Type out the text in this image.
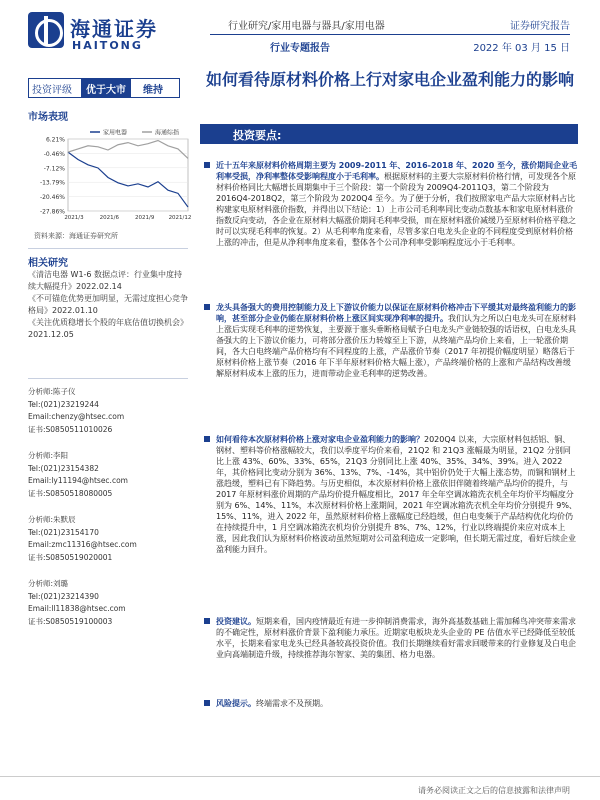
海通证券
HAITONG
行业研究/家用电器与器具/家用电器	证券研究报告
行业专题报告	2022 年 03 月 15 日
投资评级	优于大市	维持
如何看待原材料价格上行对家电企业盈利能力的影响
市场表现
6.21%
-0.46%
-7.12%
-13.79%
-20.46%
-27.86%
2021/3	2021/6	2021/9	2021/12
家用电器	海通综指
资料来源：海通证券研究所
相关研究
《清洁电器 W1-6 数据点评：行业集中度持续大幅提升》2022.02.14
《不可锚危优势更加明显，无需过度担心竞争格局》2022.01.10
《关注优质稳增长个股的年底估值切换机会》2021.12.05
分析师:陈子仪
Tel:(021)23219244
Email:chenzy@htsec.com
证书:S0850511010026
分析师:李阳
Tel:(021)23154382
Email:ly11194@htsec.com
证书:S0850518080005
分析师:朱默辰
Tel:(021)23154170
Email:zmc11316@htsec.com
证书:S0850519020001
分析师:刘璐
Tel:(021)23214390
Email:ll11838@htsec.com
证书:S0850519100003
投资要点:
近十五年来原材料价格周期主要为 2009-2011 年、2016-2018 年、2020 至今，涨价期间企业毛利率受损，净利率整体受影响程度小于毛利率。根据原材料的主要大宗原材料价格行情，可发现各个原材料价格同比大幅增长周期集中于三个阶段：第一个阶段为 2009Q4-2011Q3，第二个阶段为 2016Q4-2018Q2，第三个阶段为 2020Q4 至今。为了便于分析，我们按照家电产品大宗原材料占比构建家电原材料涨价指数，并得出以下结论：1）上市公司毛利率同比变动点数基本和家电原材料涨价指数反向变动，各企业在原材料大幅涨价期间毛利率受损，而在原材料涨价减缓乃至原材料价格平稳之时可以实现毛利率的恢复。2）从毛利率角度来看，尽管多家白电龙头企业的不同程度受到原材料价格上涨的冲击，但是从净利率角度来看，整体各个公司净利率受影响程度远小于毛利率。
龙头具备强大的费用控制能力及上下游议价能力以保证在原材料价格冲击下平缓其对最终盈利能力的影响，甚至部分企业仍能在原材料价格上涨区间实现净利率的提升。我们认为之所以白电龙头可在原材料上涨后实现毛利率的逆势恢复，主要源于塞头垂断格局赋予白电龙头产业链较强的话语权，白电龙头具备强大的上下游议价能力，可将部分涨价压力转嫁至上下游，从终端产品均价上来看，上一轮涨价期间，各大白电终端产品价格均有不同程度的上涨，产品涨价节奏（2017 年初提价幅度明显）略落后于原材料价格上涨节奏（2016 年下半年原材料价格大幅上涨），产品终端价格的上涨和产品结构改善缓解原材料成本上涨的压力，进而带动企业毛利率的逆势改善。
如何看待本次原材料价格上涨对家电企业盈利能力的影响？2020Q4 以来，大宗原材料包括铝、铜、钢材、塑料等价格涨幅较大，我们以季度平均价来看，21Q2 和 21Q3 涨幅最为明显，21Q2 分别同比上涨 43%、60%、33%、65%，21Q3 分别同比上涨 40%、35%、34%、39%。进入 2022 年，其价格同比变动分别为 36%、13%、7%、-14%，其中铝价仍处于大幅上涨态势，而铜和钢材上涨趋缓，塑料已有下降趋势。与历史相似，本次原材料价格上涨依旧伴随着终端产品均价的提升，与 2017 年原材料涨价周期的产品均价提升幅度相比，2017 年全年空调冰箱洗衣机全年均价平均幅度分别为 6%、14%、11%，本次原材料价格上涨期间，2021 年空调冰箱洗衣机全年均价分别提升 9%、15%、11%，进入 2022 年，虽然原材料价格上涨幅度已经趋缓，但白电变频于产品结构优化均价仍在持续提升中，1 月空调冰箱洗衣机均价分别提升 8%、7%、12%，行业以终端提价来应对成本上涨，因此我们认为原材料价格波动虽然短期对公司盈利造成一定影响，但长期无需过度，看好后续企业盈利能力回升。
投资建议。短期来看，国内疫情最近有进一步抑制消费需求，海外高基数基础上需加稀鸟冲突带来需求的不确定性，原材料涨价背景下盈利能力承压。近期家电板块龙头企业的 PE 估值水平已经降低至较低水平，长期来看家电龙头已经具备较高投资价值。我们长期继续看好需求回暖带来的行业修复及白电企业向高端制造升级，持续推荐海尔智家、美的集团、格力电器。
风险提示。终端需求不及预期。
请务必阅读正文之后的信息披露和法律声明
